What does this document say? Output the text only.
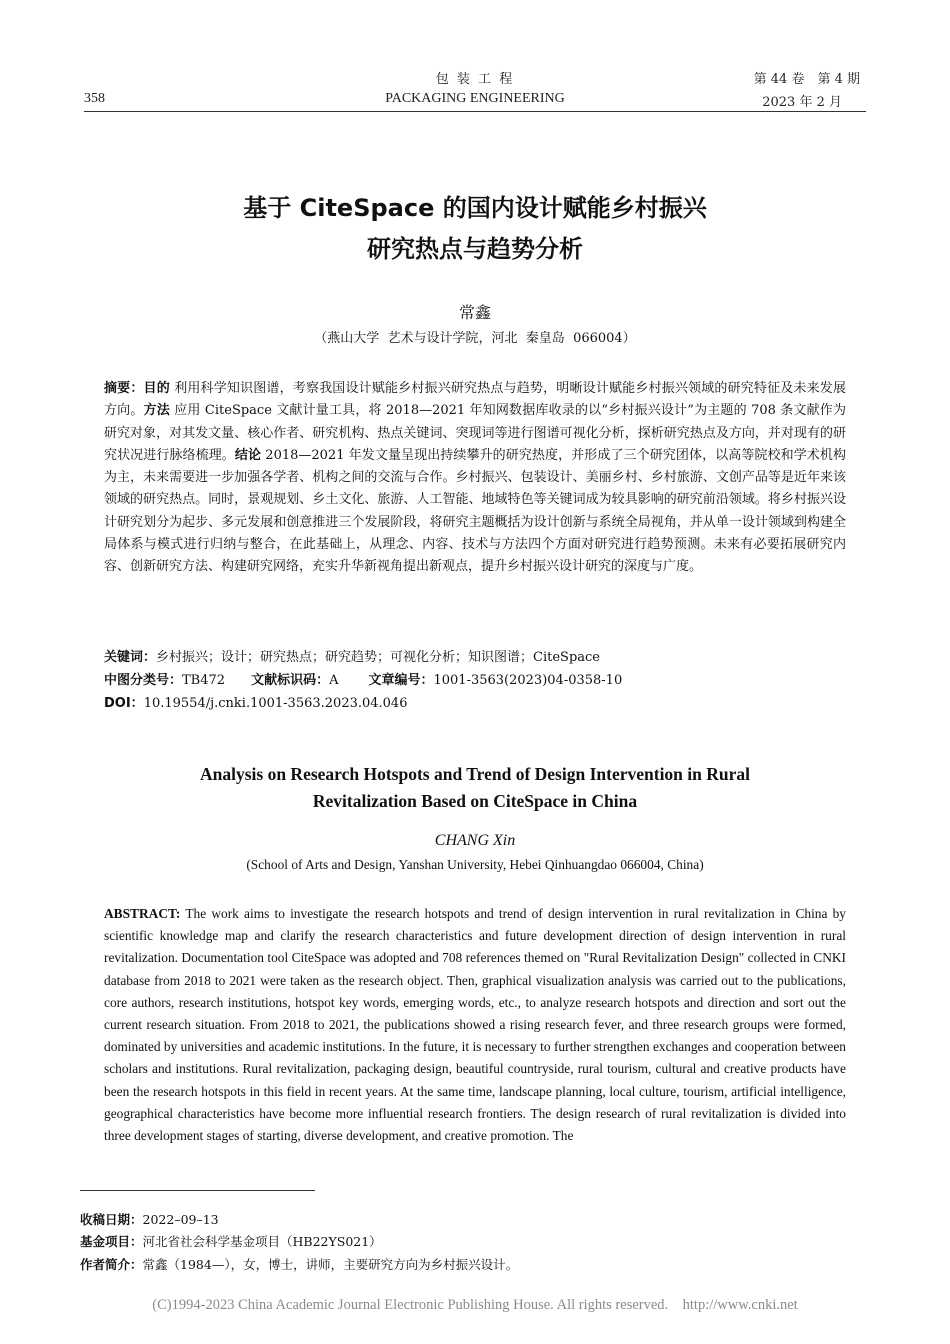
包 装 工 程	第 44 卷　第 4 期
358	PACKAGING ENGINEERING	2023 年 2 月
基于 CiteSpace 的国内设计赋能乡村振兴
研究热点与趋势分析
常鑫
（燕山大学  艺术与设计学院，河北  秦皇岛  066004）
摘要：目的 利用科学知识图谱，考察我国设计赋能乡村振兴研究热点与趋势，明晰设计赋能乡村振兴领域的研究特征及未来发展方向。方法 应用 CiteSpace 文献计量工具，将 2018—2021 年知网数据库收录的以“乡村振兴设计”为主题的 708 条文献作为研究对象，对其发文量、核心作者、研究机构、热点关键词、突现词等进行图谱可视化分析，探析研究热点及方向，并对现有的研究状况进行脉络梳理。结论 2018—2021 年发文量呈现出持续攀升的研究热度，并形成了三个研究团体，以高等院校和学术机构为主，未来需要进一步加强各学者、机构之间的交流与合作。乡村振兴、包装设计、美丽乡村、乡村旅游、文创产品等是近年来该领域的研究热点。同时，景观规划、乡土文化、旅游、人工智能、地域特色等关键词成为较具影响的研究前沿领域。将乡村振兴设计研究划分为起步、多元发展和创意推进三个发展阶段，将研究主题概括为设计创新与系统全局视角，并从单一设计领域到构建全局体系与模式进行归纳与整合，在此基础上，从理念、内容、技术与方法四个方面对研究进行趋势预测。未来有必要拓展研究内容、创新研究方法、构建研究网络，充实升华新视角提出新观点，提升乡村振兴设计研究的深度与广度。
关键词：乡村振兴；设计；研究热点；研究趋势；可视化分析；知识图谱；CiteSpace
中图分类号：TB472 文献标识码：A 文章编号：1001-3563(2023)04-0358-10
DOI：10.19554/j.cnki.1001-3563.2023.04.046
Analysis on Research Hotspots and Trend of Design Intervention in Rural
Revitalization Based on CiteSpace in China
CHANG Xin
(School of Arts and Design, Yanshan University, Hebei Qinhuangdao 066004, China)
ABSTRACT: The work aims to investigate the research hotspots and trend of design intervention in rural revitalization in China by scientific knowledge map and clarify the research characteristics and future development direction of design intervention in rural revitalization. Documentation tool CiteSpace was adopted and 708 references themed on "Rural Revitalization Design" collected in CNKI database from 2018 to 2021 were taken as the research object. Then, graphical visualization analysis was carried out to the publications, core authors, research institutions, hotspot key words, emerging words, etc., to analyze research hotspots and direction and sort out the current research situation. From 2018 to 2021, the publications showed a rising research fever, and three research groups were formed, dominated by universities and academic institutions. In the future, it is necessary to further strengthen exchanges and cooperation between scholars and institutions. Rural revitalization, packaging design, beautiful countryside, rural tourism, cultural and creative products have been the research hotspots in this field in recent years. At the same time, landscape planning, local culture, tourism, artificial intelligence, geographical characteristics have become more influential research frontiers. The design research of rural revitalization is divided into three development stages of starting, diverse development, and creative promotion. The
收稿日期：2022–09–13
基金项目：河北省社会科学基金项目（HB22YS021）
作者简介：常鑫（1984—），女，博士，讲师，主要研究方向为乡村振兴设计。
(C)1994-2023 China Academic Journal Electronic Publishing House. All rights reserved.    http://www.cnki.net
